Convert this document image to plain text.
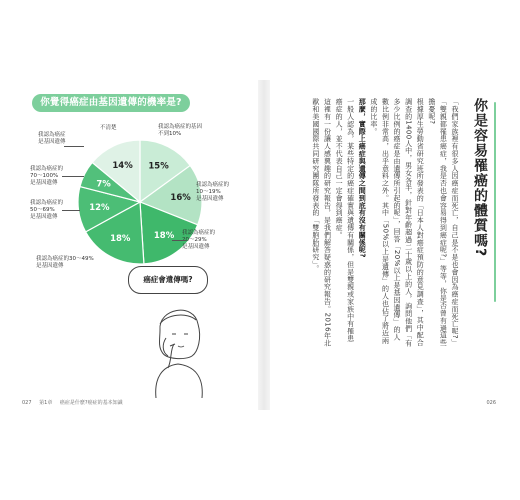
你覺得癌症由基因遺傳的機率是?
15%
16%
18%
18%
12%
7%
14%
不清楚	我認為癌症的基因
不到10%
我認為癌症的
10～19%
是基因遺傳
我認為癌症的
20～29%
是基因遺傳
我認為癌症的30～49%
是基因遺傳
我認為癌症的
50～69%
是基因遺傳
我認為癌症的
70～100%
是基因遺傳
我認為癌症
是基因遺傳
癌症會遺傳嗎?
027 第1章 癌症是什麼?癌症的基本知識
你是容易罹癌的體質嗎?

「我們家族裡有很多人因癌症而死亡，自己是不是也會因為癌症而死亡呢?」「雙親都罹患癌症，我是否也會容易得到癌症呢?」等等，你是否曾有過這些擔憂呢?

根據厚生勞動省研究班所發表的「日本人對癌症預防的意見調查」，其中配合調查的1400人中，男女各半，針對年齡超過二十歲以上的人，詢問他們「有多少比例的癌症是由遺傳所引起的呢」，回答「20%以上是基因遺傳」的人數比例非常高，出乎意料之外。其中「50%以上是遺傳」的人也佔了將近兩成的比率。

那麼，實際上癌症與遺傳之間到底有沒有關係呢?

一般人認為，某些特定的癌症確實與遺傳有關係，但是雙親或家族中有罹患癌症的人，並不代表自己一定會得到癌症。

這裡有一份讓人感興趣的研究報告，是我們解答疑惑的研究報告。2016年北歐和美國國際共同研究團隊所發表的「雙胞胎研究」。

026
